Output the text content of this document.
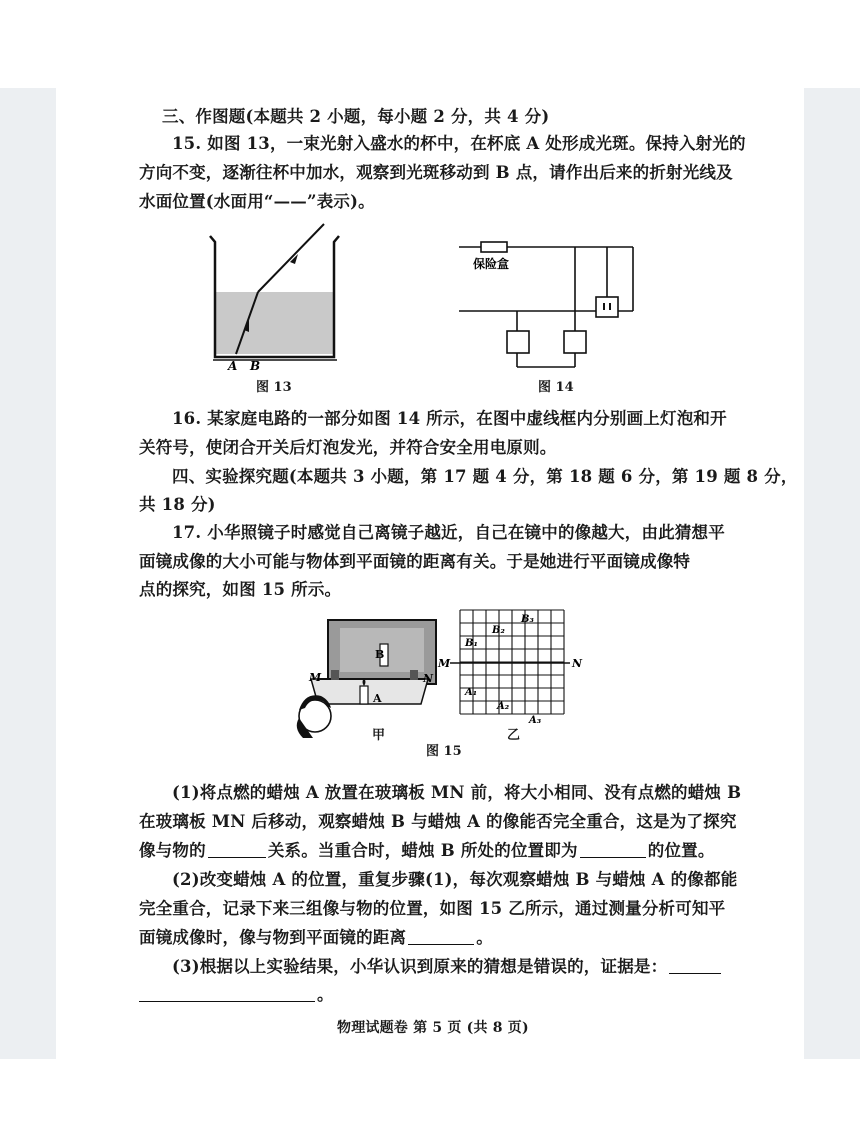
三、作图题(本题共 2 小题，每小题 2 分，共 4 分)
15. 如图 13，一束光射入盛水的杯中，在杯底 A 处形成光斑。保持入射光的
方向不变，逐渐往杯中加水，观察到光斑移动到 B 点，请作出后来的折射光线及
水面位置(水面用“——”表示)。
A B
图 13
保险盒
图 14
16. 某家庭电路的一部分如图 14 所示，在图中虚线框内分别画上灯泡和开
关符号，使闭合开关后灯泡发光，并符合安全用电原则。
四、实验探究题(本题共 3 小题，第 17 题 4 分，第 18 题 6 分，第 19 题 8 分，
共 18 分)
17. 小华照镜子时感觉自己离镜子越近，自己在镜中的像越大，由此猜想平
面镜成像的大小可能与物体到平面镜的距离有关。于是她进行平面镜成像特
点的探究，如图 15 所示。
B
A
M	N
甲
M	N
B₃
B₂
B₁
A₁
A₂
A₃
乙
图 15
(1)将点燃的蜡烛 A 放置在玻璃板 MN 前，将大小相同、没有点燃的蜡烛 B
在玻璃板 MN 后移动，观察蜡烛 B 与蜡烛 A 的像能否完全重合，这是为了探究
像与物的	关系。当重合时，蜡烛 B 所处的位置即为	的位置。
(2)改变蜡烛 A 的位置，重复步骤(1)，每次观察蜡烛 B 与蜡烛 A 的像都能
完全重合，记录下来三组像与物的位置，如图 15 乙所示，通过测量分析可知平
面镜成像时，像与物到平面镜的距离	。
(3)根据以上实验结果，小华认识到原来的猜想是错误的，证据是：
。
物理试题卷 第 5 页 (共 8 页)
